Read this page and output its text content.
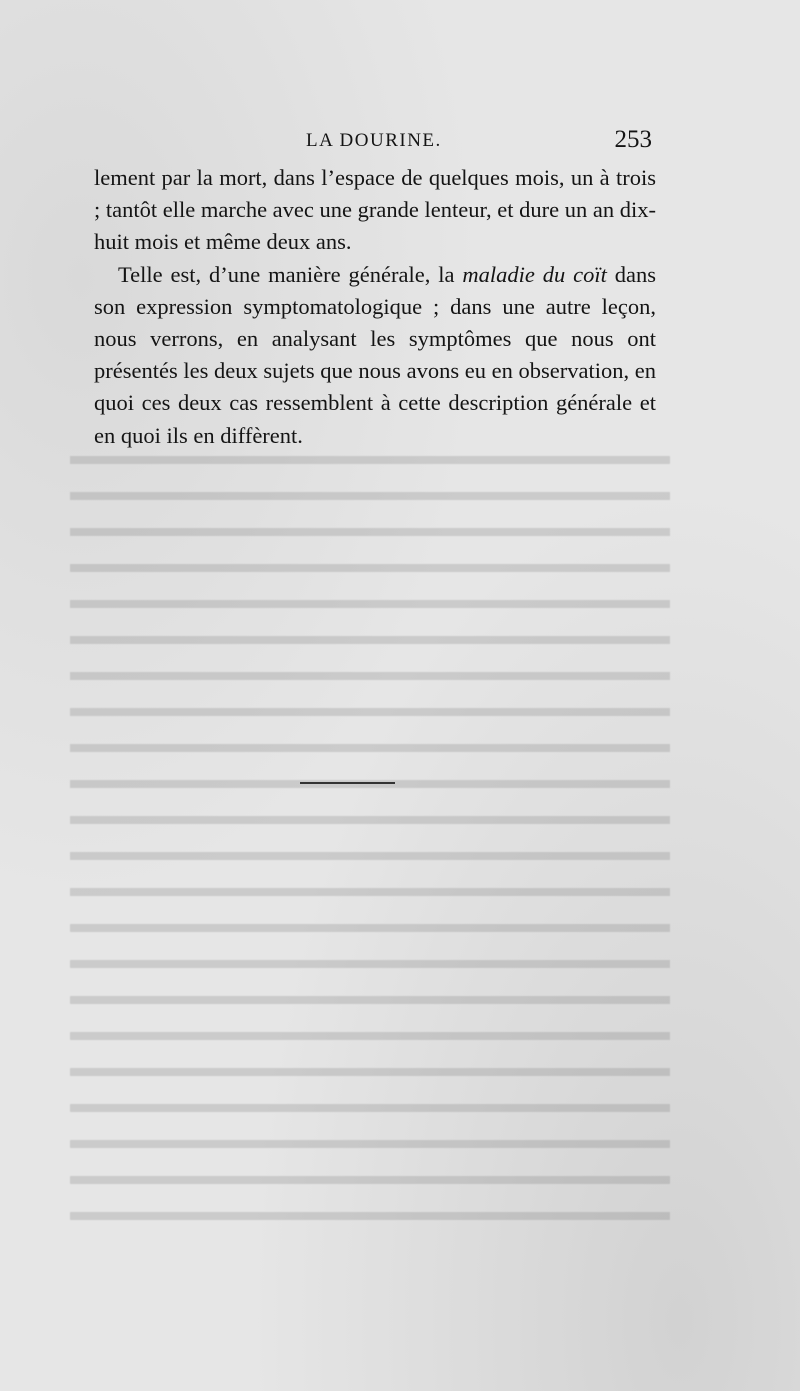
LA DOURINE.	253

lement par la mort, dans l’espace de quelques mois, un à trois ; tantôt elle marche avec une grande lenteur, et dure un an dix-huit mois et même deux ans.

Telle est, d’une manière générale, la maladie du coït dans son expression symptomatologique ; dans une autre leçon, nous verrons, en analysant les symptômes que nous ont présentés les deux sujets que nous avons eu en observation, en quoi ces deux cas ressemblent à cette description générale et en quoi ils en diffèrent.
